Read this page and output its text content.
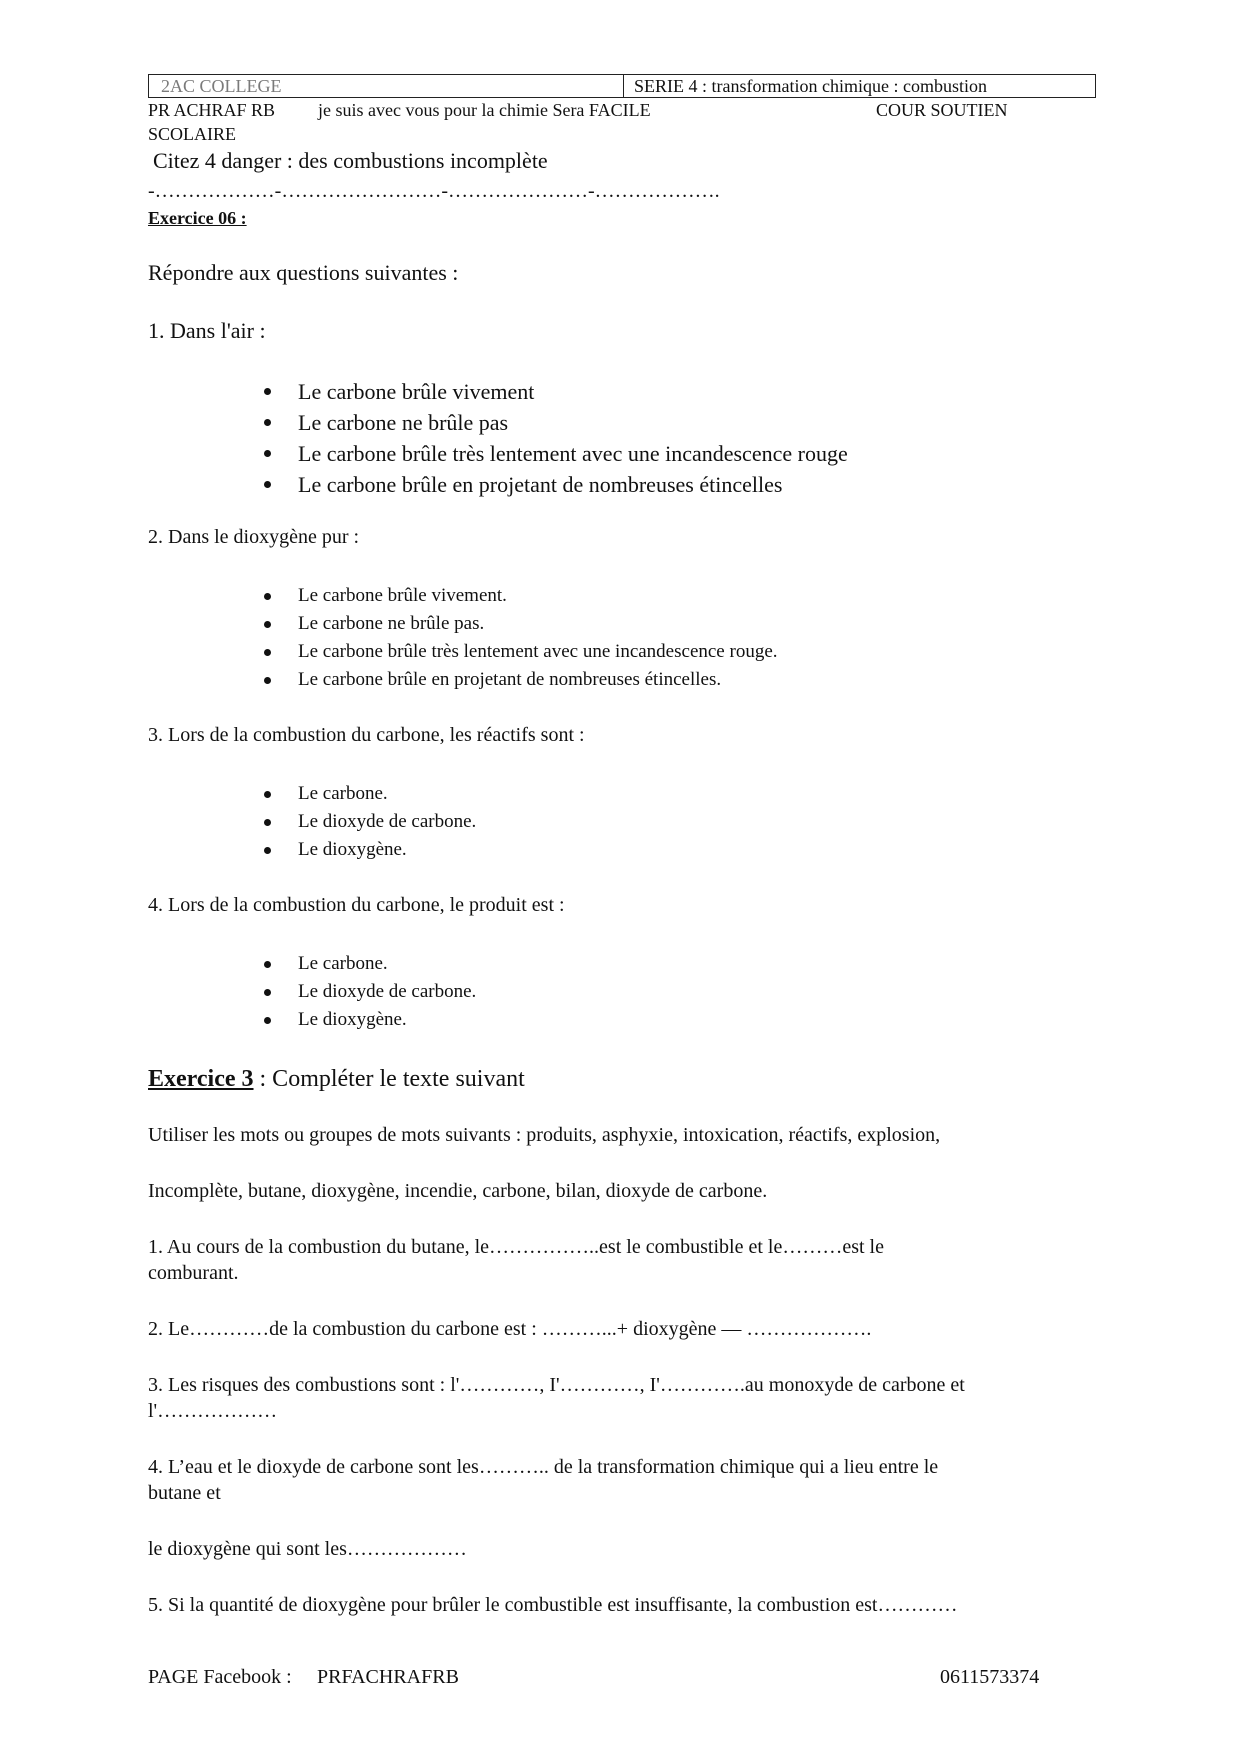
2AC COLLEGE	SERIE 4 : transformation chimique : combustion
PR ACHRAF RB je suis avec vous pour la chimie Sera FACILE	COUR SOUTIEN
SCOLAIRE
Citez 4 danger : des combustions incomplète
-………………-……………………-…………………-……………….
Exercice 06 :
Répondre aux questions suivantes :
1. Dans l'air :
Le carbone brûle vivement
Le carbone ne brûle pas
Le carbone brûle très lentement avec une incandescence rouge
Le carbone brûle en projetant de nombreuses étincelles
2. Dans le dioxygène pur :
Le carbone brûle vivement.
Le carbone ne brûle pas.
Le carbone brûle très lentement avec une incandescence rouge.
Le carbone brûle en projetant de nombreuses étincelles.
3. Lors de la combustion du carbone, les réactifs sont :
Le carbone.
Le dioxyde de carbone.
Le dioxygène.
4. Lors de la combustion du carbone, le produit est :
Le carbone.
Le dioxyde de carbone.
Le dioxygène.
Exercice 3 : Compléter le texte suivant
Utiliser les mots ou groupes de mots suivants : produits, asphyxie, intoxication, réactifs, explosion,
Incomplète, butane, dioxygène, incendie, carbone, bilan, dioxyde de carbone.
1. Au cours de la combustion du butane, le……………..est le combustible et le………est le
comburant.
2. Le…………de la combustion du carbone est : ………...+ dioxygène — ……………….
3. Les risques des combustions sont : l'…………, I'…………, I'………….au monoxyde de carbone et
l'………………
4. L’eau et le dioxyde de carbone sont les……….. de la transformation chimique qui a lieu entre le
butane et
le dioxygène qui sont les………………
5. Si la quantité de dioxygène pour brûler le combustible est insuffisante, la combustion est…………
PAGE Facebook : PRFACHRAFRB	0611573374
